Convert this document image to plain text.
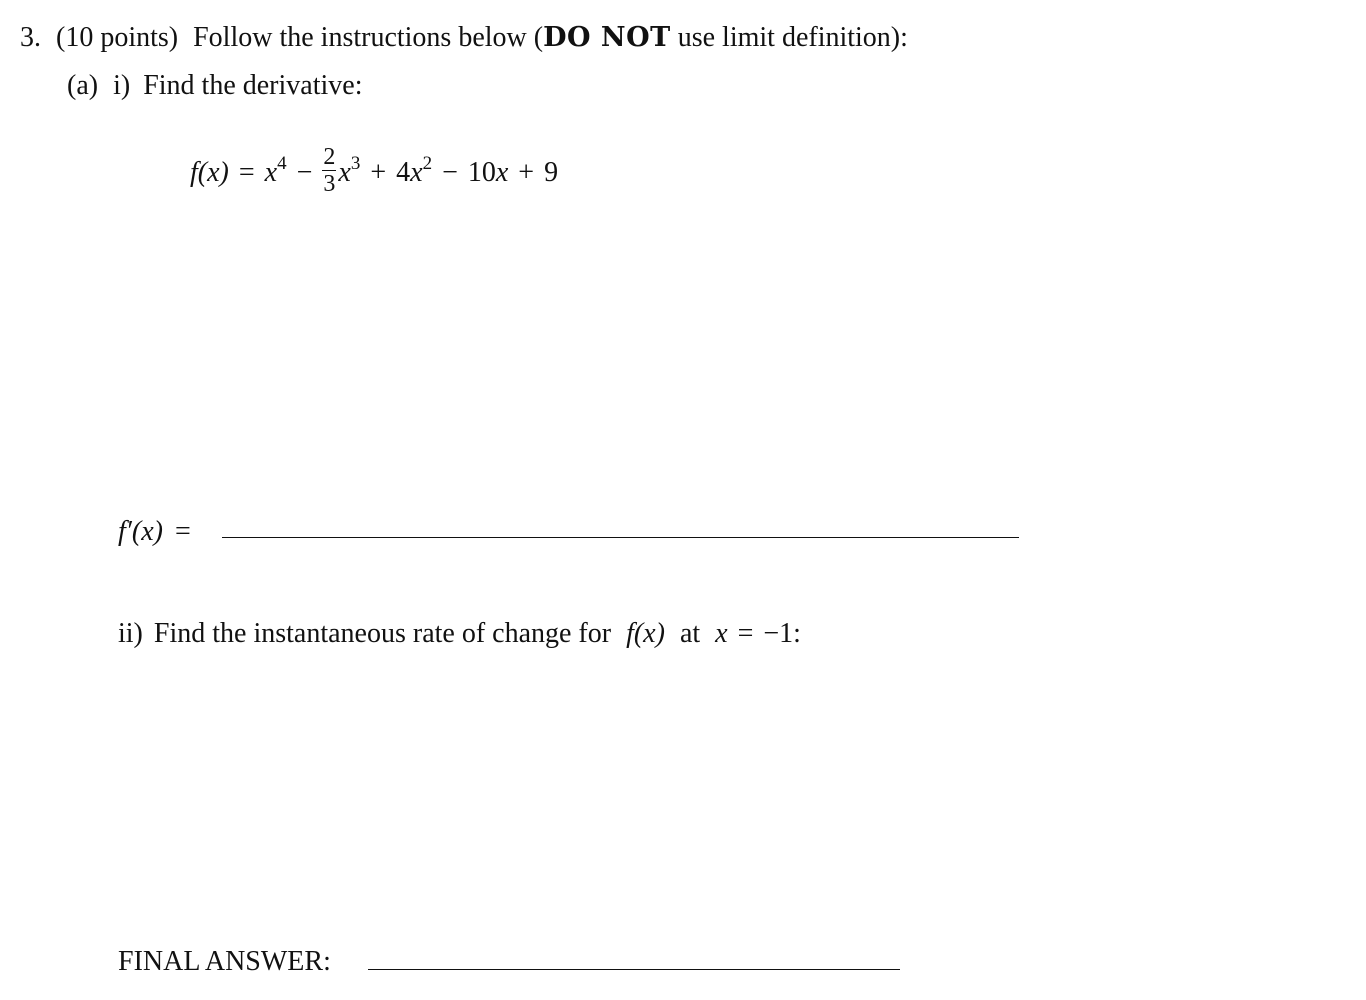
3. (10 points) Follow the instructions below (DO NOT use limit definition):
(a) i) Find the derivative:
$f(x) = x^4 - \frac{2}{3} x^3 + 4x^2 - 10x + 9$
f′(x) =
ii) Find the instantaneous rate of change for f(x) at x = −1:
FINAL ANSWER:
